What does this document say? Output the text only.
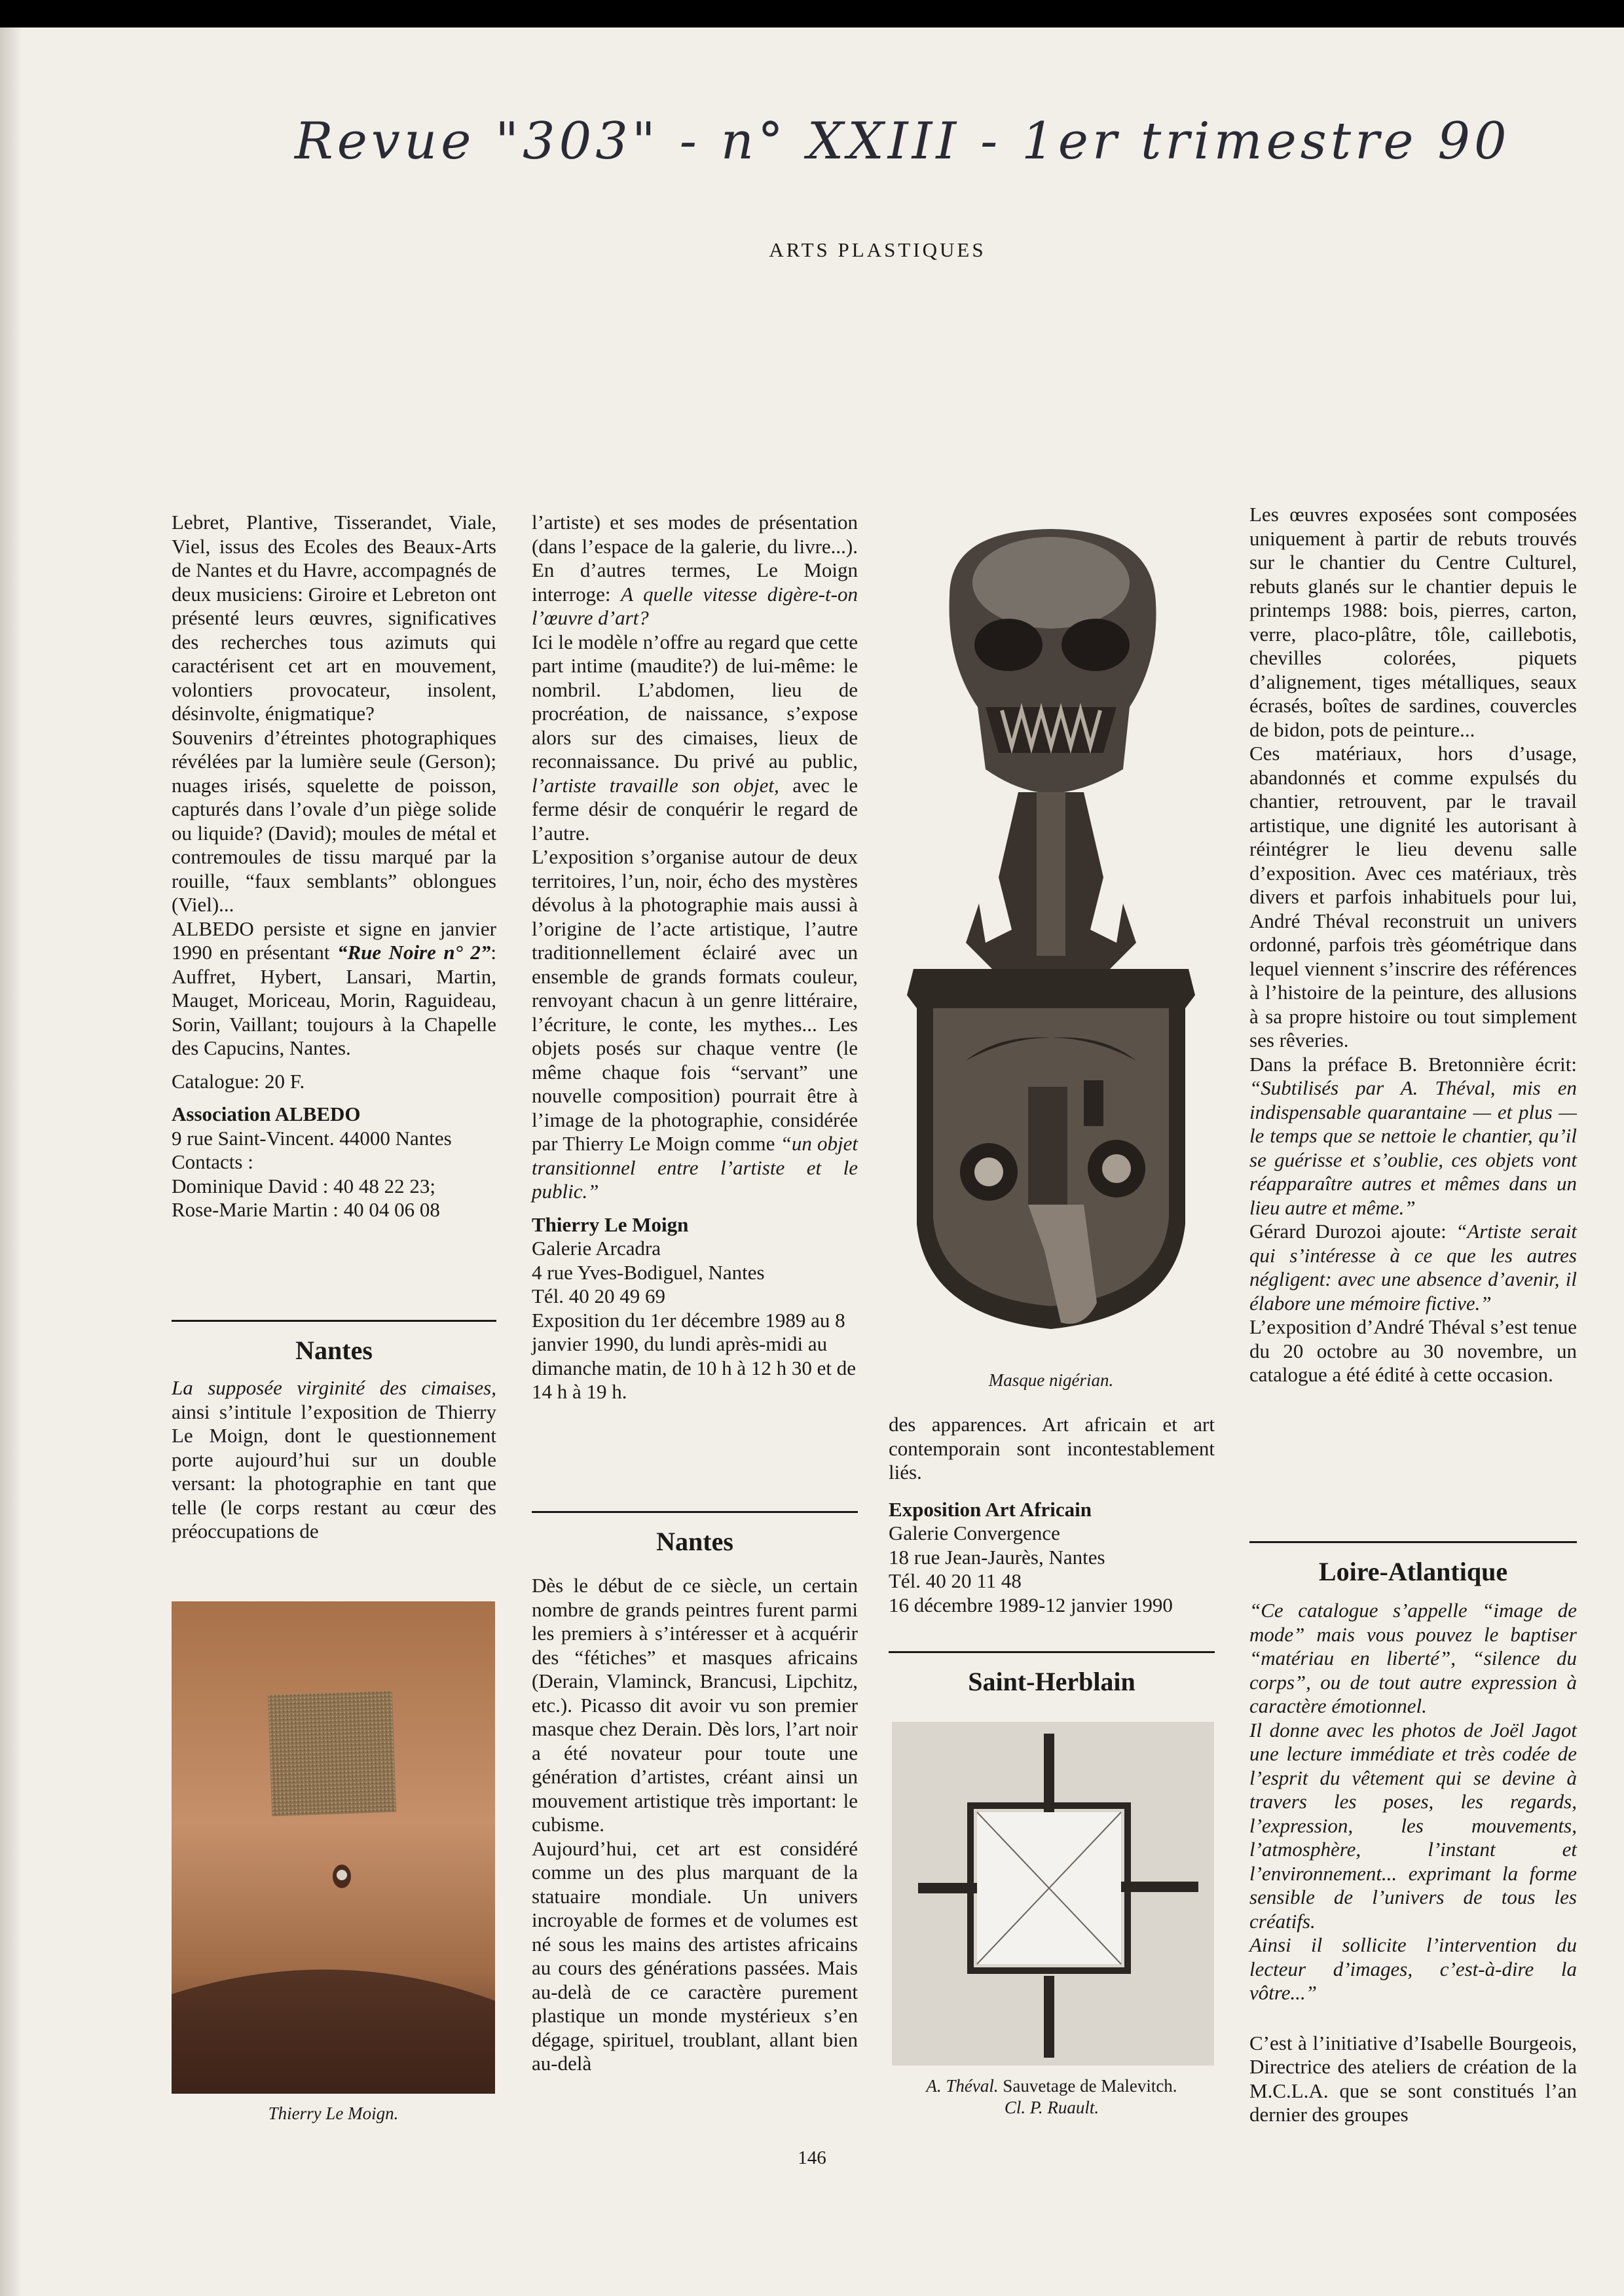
Revue "303" - n° XXIII - 1er trimestre 90
ARTS PLASTIQUES

Lebret, Plantive, Tisserandet, Viale, Viel, issus des Ecoles des Beaux-Arts de Nantes et du Havre, accompagnés de deux musiciens: Giroire et Lebreton ont présenté leurs œuvres, significatives des recherches tous azimuts qui caractérisent cet art en mouvement, volontiers provocateur, insolent, désinvolte, énigmatique?

Souvenirs d’étreintes photographiques révélées par la lumière seule (Gerson); nuages irisés, squelette de poisson, capturés dans l’ovale d’un piège solide ou liquide? (David); moules de métal et contremoules de tissu marqué par la rouille, “faux semblants” oblongues (Viel)...

ALBEDO persiste et signe en janvier 1990 en présentant “Rue Noire n° 2”: Auffret, Hybert, Lansari, Martin, Mauget, Moriceau, Morin, Raguideau, Sorin, Vaillant; toujours à la Chapelle des Capucins, Nantes.

Catalogue: 20 F.

Association ALBEDO

9 rue Saint-Vincent. 44000 Nantes

Contacts :

Dominique David : 40 48 22 23;

Rose-Marie Martin : 40 04 06 08

Nantes

La supposée virginité des cimaises, ainsi s’intitule l’exposition de Thierry Le Moign, dont le questionnement porte aujourd’hui sur un double versant: la photographie en tant que telle (le corps restant au cœur des préoccupations de

Thierry Le Moign.

l’artiste) et ses modes de présentation (dans l’espace de la galerie, du livre...). En d’autres termes, Le Moign interroge: A quelle vitesse digère-t-on l’œuvre d’art?

Ici le modèle n’offre au regard que cette part intime (maudite?) de lui-même: le nombril. L’abdomen, lieu de procréation, de naissance, s’expose alors sur des cimaises, lieux de reconnaissance. Du privé au public, l’artiste travaille son objet, avec le ferme désir de conquérir le regard de l’autre.

L’exposition s’organise autour de deux territoires, l’un, noir, écho des mystères dévolus à la photographie mais aussi à l’origine de l’acte artistique, l’autre traditionnellement éclairé avec un ensemble de grands formats couleur, renvoyant chacun à un genre littéraire, l’écriture, le conte, les mythes... Les objets posés sur chaque ventre (le même chaque fois “servant” une nouvelle composition) pourrait être à l’image de la photographie, considérée par Thierry Le Moign comme “un objet transitionnel entre l’artiste et le public.”

Thierry Le Moign

Galerie Arcadra

4 rue Yves-Bodiguel, Nantes

Tél. 40 20 49 69

Exposition du 1er décembre 1989 au 8 janvier 1990, du lundi après-midi au dimanche matin, de 10 h à 12 h 30 et de 14 h à 19 h.

Nantes

Dès le début de ce siècle, un certain nombre de grands peintres furent parmi les premiers à s’intéresser et à acquérir des “fétiches” et masques africains (Derain, Vlaminck, Brancusi, Lipchitz, etc.). Picasso dit avoir vu son premier masque chez Derain. Dès lors, l’art noir a été novateur pour toute une génération d’artistes, créant ainsi un mouvement artistique très important: le cubisme.

Aujourd’hui, cet art est considéré comme un des plus marquant de la statuaire mondiale. Un univers incroyable de formes et de volumes est né sous les mains des artistes africains au cours des générations passées. Mais au-delà de ce caractère purement plastique un monde mystérieux s’en dégage, spirituel, troublant, allant bien au-delà

Masque nigérian.

des apparences. Art africain et art contemporain sont incontestablement liés.

Exposition Art Africain

Galerie Convergence

18 rue Jean-Jaurès, Nantes

Tél. 40 20 11 48

16 décembre 1989-12 janvier 1990

Saint-Herblain
A. Théval. Sauvetage de Malevitch.
Cl. P. Ruault.

Les œuvres exposées sont composées uniquement à partir de rebuts trouvés sur le chantier du Centre Culturel, rebuts glanés sur le chantier depuis le printemps 1988: bois, pierres, carton, verre, placo-plâtre, tôle, caillebotis, chevilles colorées, piquets d’alignement, tiges métalliques, seaux écrasés, boîtes de sardines, couvercles de bidon, pots de peinture...

Ces matériaux, hors d’usage, abandonnés et comme expulsés du chantier, retrouvent, par le travail artistique, une dignité les autorisant à réintégrer le lieu devenu salle d’exposition. Avec ces matériaux, très divers et parfois inhabituels pour lui, André Théval reconstruit un univers ordonné, parfois très géométrique dans lequel viennent s’inscrire des références à l’histoire de la peinture, des allusions à sa propre histoire ou tout simplement ses rêveries.

Dans la préface B. Bretonnière écrit: “Subtilisés par A. Théval, mis en indispensable quarantaine — et plus — le temps que se nettoie le chantier, qu’il se guérisse et s’oublie, ces objets vont réapparaître autres et mêmes dans un lieu autre et même.”

Gérard Durozoi ajoute: “Artiste serait qui s’intéresse à ce que les autres négligent: avec une absence d’avenir, il élabore une mémoire fictive.”

L’exposition d’André Théval s’est tenue du 20 octobre au 30 novembre, un catalogue a été édité à cette occasion.

Loire-Atlantique

“Ce catalogue s’appelle “image de mode” mais vous pouvez le baptiser “matériau en liberté”, “silence du corps”, ou de tout autre expression à caractère émotionnel.

Il donne avec les photos de Joël Jagot une lecture immédiate et très codée de l’esprit du vêtement qui se devine à travers les poses, les regards, l’expression, les mouvements, l’atmosphère, l’instant et l’environnement... exprimant la forme sensible de l’univers de tous les créatifs.

Ainsi il sollicite l’intervention du lecteur d’images, c’est-à-dire la vôtre...”

C’est à l’initiative d’Isabelle Bourgeois, Directrice des ateliers de création de la M.C.L.A. que se sont constitués l’an dernier des groupes

146
